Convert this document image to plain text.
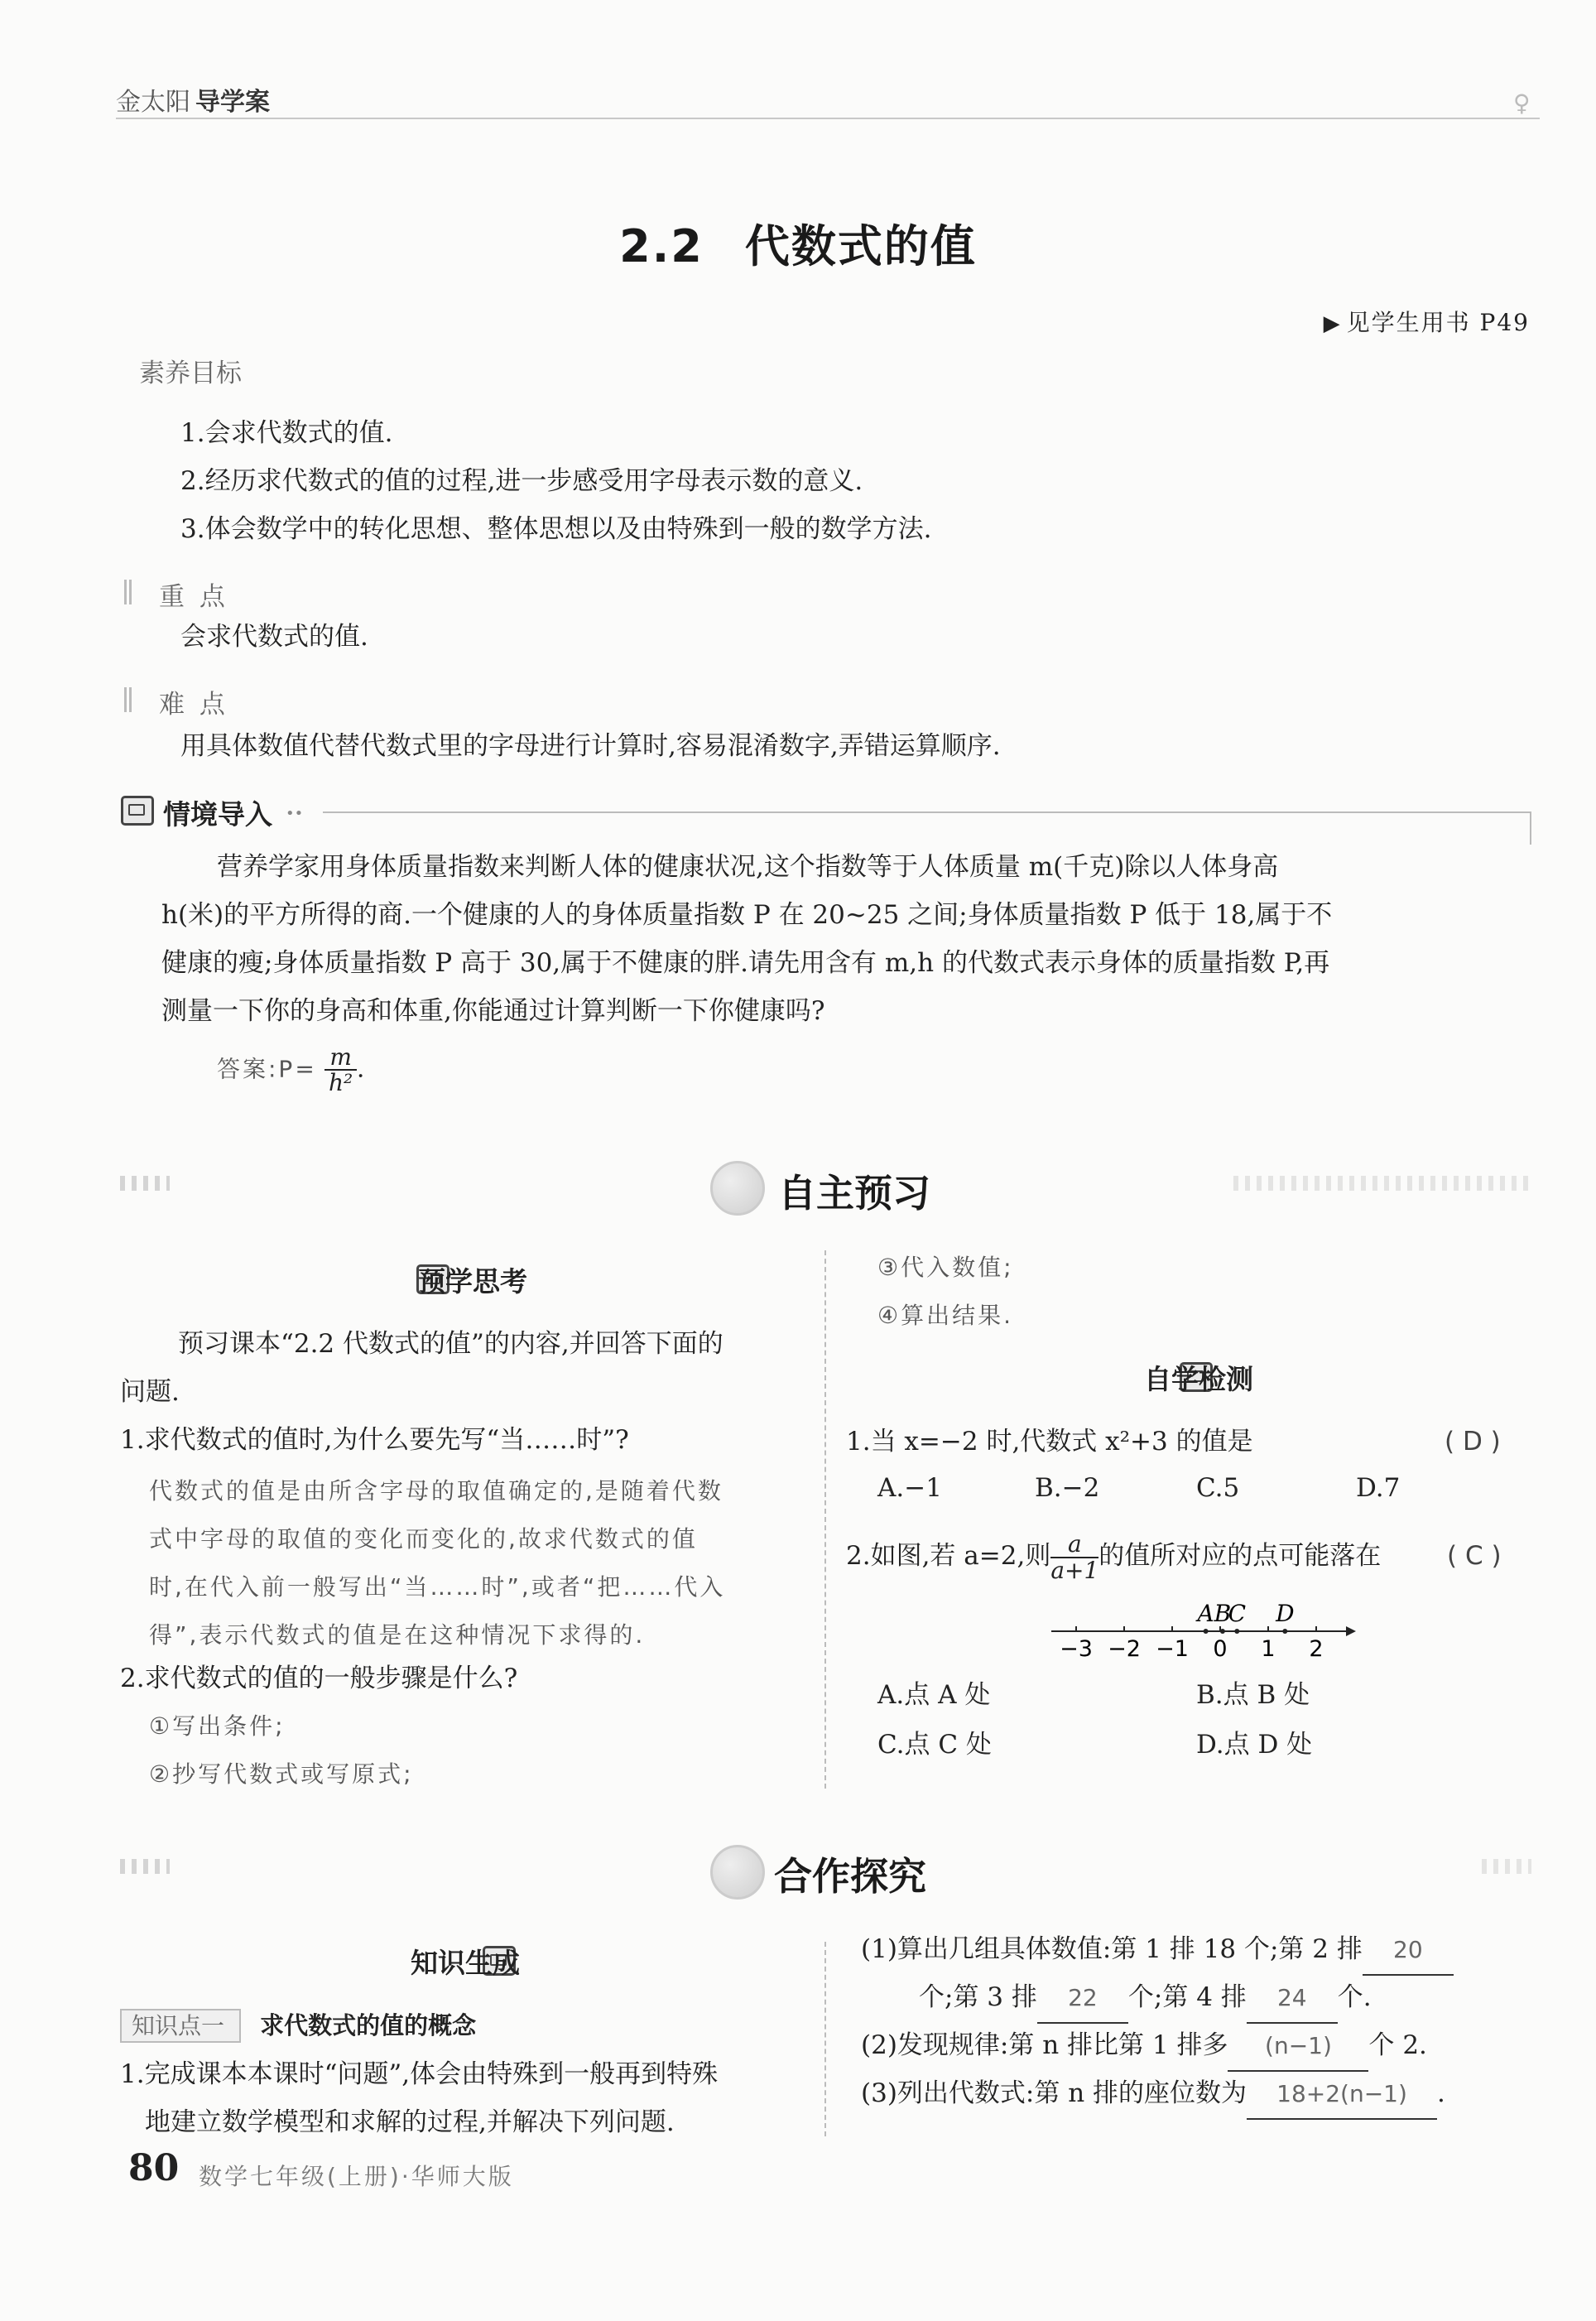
金太阳 导学案	♀
2.2 代数式的值
▶ 见学生用书 P49
素养目标
1.会求代数式的值.
2.经历求代数式的值的过程,进一步感受用字母表示数的意义.
3.体会数学中的转化思想、整体思想以及由特殊到一般的数学方法.
重 点
会求代数式的值.
难 点
用具体数值代替代数式里的字母进行计算时,容易混淆数字,弄错运算顺序.

情境导入 ••
营养学家用身体质量指数来判断人体的健康状况,这个指数等于人体质量 m(千克)除以人体身高
h(米)的平方所得的商.一个健康的人的身体质量指数 P 在 20~25 之间;身体质量指数 P 低于 18,属于不
健康的瘦;身体质量指数 P 高于 30,属于不健康的胖.请先用含有 m,h 的代数式表示身体的质量指数 P,再
测量一下你的身高和体重,你能通过计算判断一下你健康吗?
答案:P= $\frac{m}{\text{h²}}$ .
自主预习

预学思考
预习课本“2.2 代数式的值”的内容,并回答下面的
问题.
1.求代数式的值时,为什么要先写“当……时”?
代数式的值是由所含字母的取值确定的,是随着代数
式中字母的取值的变化而变化的,故求代数式的值
时,在代入前一般写出“当……时”,或者“把……代入
得”,表示代数式的值是在这种情况下求得的.
2.求代数式的值的一般步骤是什么?
①写出条件;
②抄写代数式或写原式;
③代入数值;
④算出结果.

自学检测
1.当 x=−2 时,代数式 x²+3 的值是	( D )
A.−1	B.−2	C.5	D.7
2.如图,若 a=2,则 $\frac{a}{a+1}$ 的值所对应的点可能落在	( C )
−3 −2 −1 0 1 2
A B
C D
A.点 A 处	B.点 B 处
C.点 C 处	D.点 D 处
合作探究
知识生成
知识点一 求代数式的值的概念
1.完成课本本课时“问题”,体会由特殊到一般再到特殊
地建立数学模型和求解的过程,并解决下列问题.
(1)算出几组具体数值:第 1 排 18 个;第 2 排 20
个;第 3 排 22 个;第 4 排 24 个.
(2)发现规律:第 n 排比第 1 排多 (n−1) 个 2.
(3)列出代数式:第 n 排的座位数为 18+2(n−1) .
80 数学七年级(上册)·华师大版
